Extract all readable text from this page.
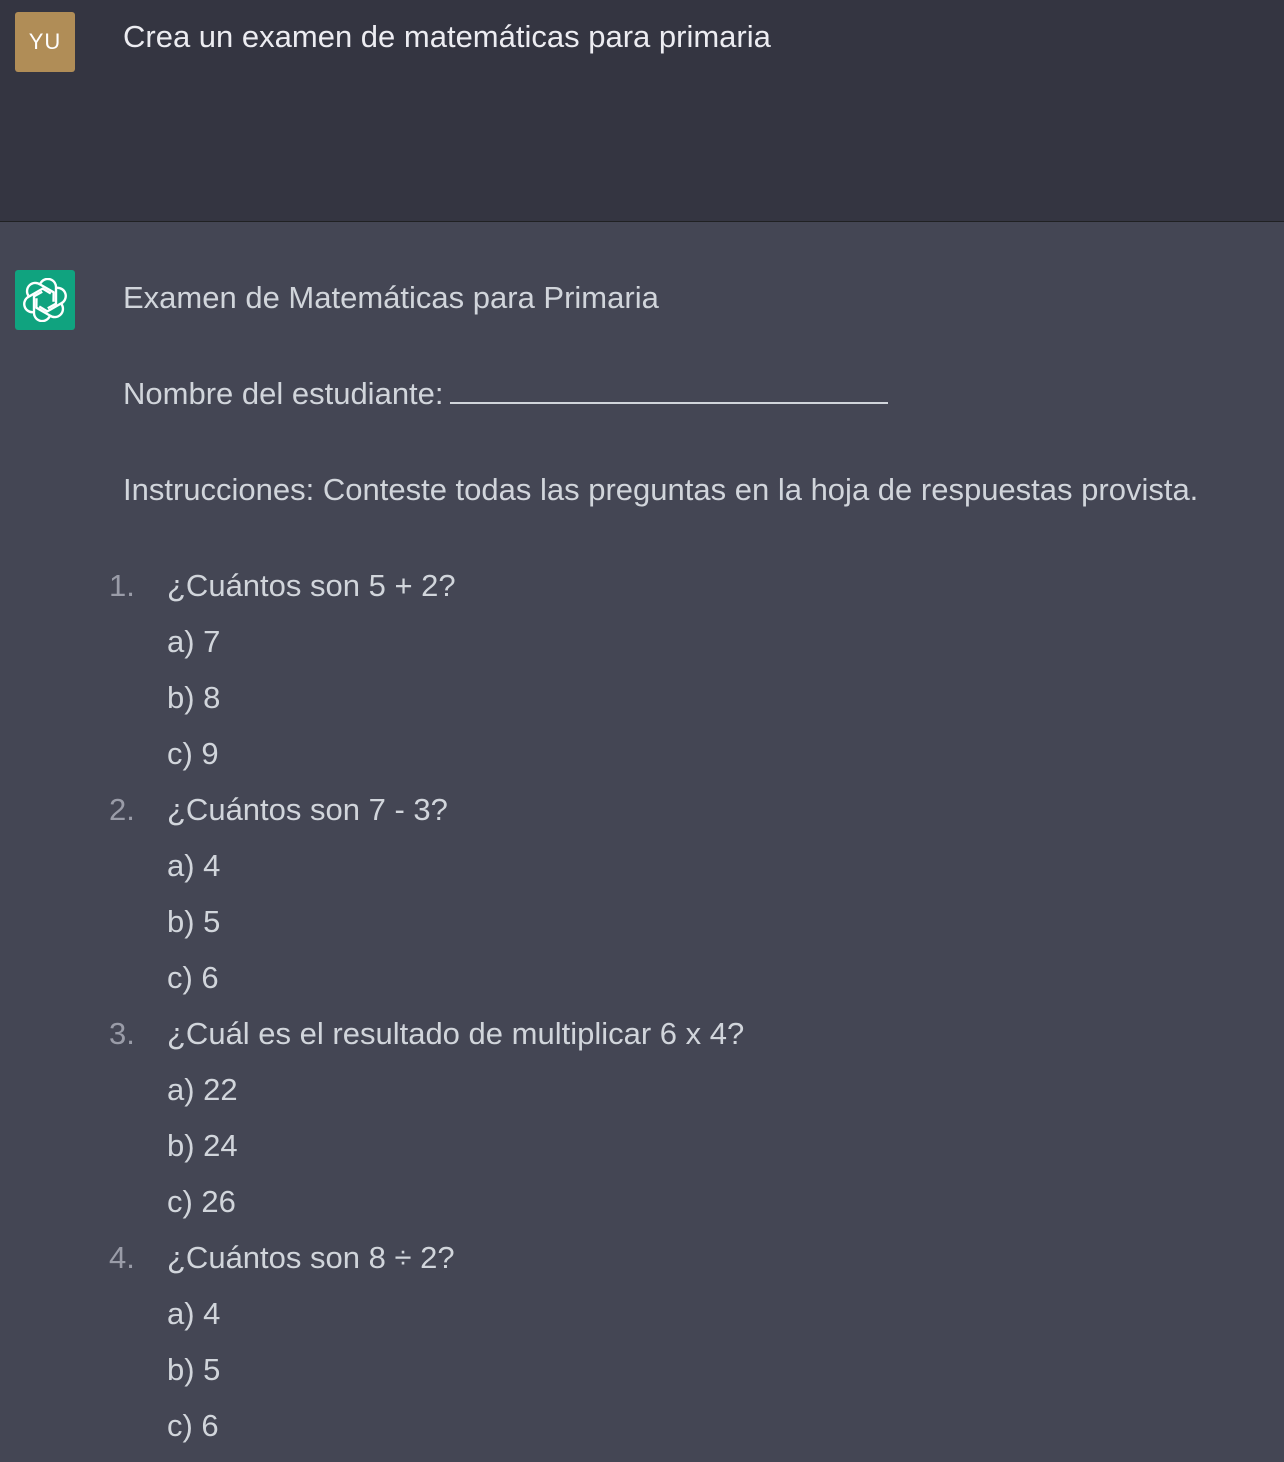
YU	Crea un examen de matemáticas para primaria

Examen de Matemáticas para Primaria

Nombre del estudiante:

Instrucciones: Conteste todas las preguntas en la hoja de respuestas provista.

1. ¿Cuántos son 5 + 2?
a) 7
b) 8
c) 9
2. ¿Cuántos son 7 - 3?
a) 4
b) 5
c) 6
3. ¿Cuál es el resultado de multiplicar 6 x 4?
a) 22
b) 24
c) 26
4. ¿Cuántos son 8 ÷ 2?
a) 4
b) 5
c) 6
